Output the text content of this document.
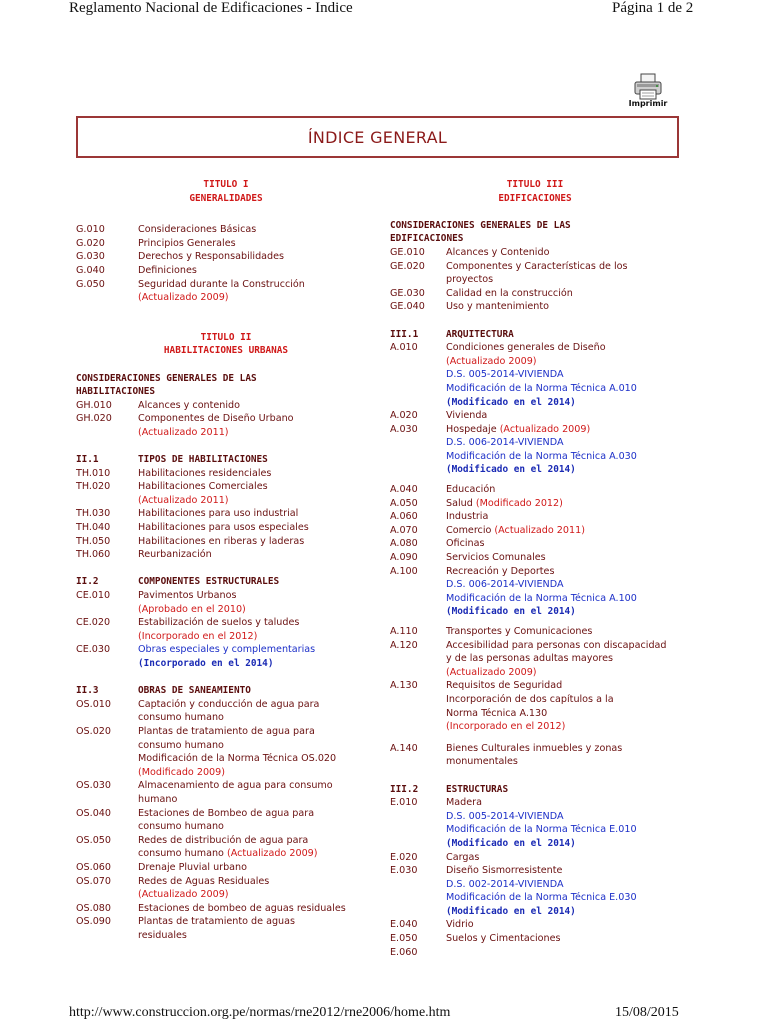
Reglamento Nacional de Edificaciones - Indice	Página 1 de 2
Imprimir
ÍNDICE GENERAL
TITULO I
GENERALIDADES
G.010	Consideraciones Básicas
G.020	Principios Generales
G.030	Derechos y Responsabilidades
G.040	Definiciones
G.050	Seguridad durante la Construcción
(Actualizado 2009)
TITULO II
HABILITACIONES URBANAS
CONSIDERACIONES GENERALES DE LAS
HABILITACIONES
GH.010	Alcances y contenido
GH.020	Componentes de Diseño Urbano
(Actualizado 2011)
II.1	TIPOS DE HABILITACIONES
TH.010	Habilitaciones residenciales
TH.020	Habilitaciones Comerciales
(Actualizado 2011)
TH.030	Habilitaciones para uso industrial
TH.040	Habilitaciones para usos especiales
TH.050	Habilitaciones en riberas y laderas
TH.060	Reurbanización
II.2	COMPONENTES ESTRUCTURALES
CE.010	Pavimentos Urbanos
(Aprobado en el 2010)
CE.020	Estabilización de suelos y taludes
(Incorporado en el 2012)
CE.030	Obras especiales y complementarias
(Incorporado en el 2014)
II.3	OBRAS DE SANEAMIENTO
OS.010	Captación y conducción de agua para
consumo humano
OS.020	Plantas de tratamiento de agua para
consumo humano
Modificación de la Norma Técnica OS.020
(Modificado 2009)
OS.030	Almacenamiento de agua para consumo
humano
OS.040	Estaciones de Bombeo de agua para
consumo humano
OS.050	Redes de distribución de agua para
consumo humano (Actualizado 2009)
OS.060	Drenaje Pluvial urbano
OS.070	Redes de Aguas Residuales
(Actualizado 2009)
OS.080	Estaciones de bombeo de aguas residuales
OS.090	Plantas de tratamiento de aguas
residuales
TITULO III
EDIFICACIONES
CONSIDERACIONES GENERALES DE LAS
EDIFICACIONES
GE.010	Alcances y Contenido
GE.020	Componentes y Características de los
proyectos
GE.030	Calidad en la construcción
GE.040	Uso y mantenimiento
III.1	ARQUITECTURA
A.010	Condiciones generales de Diseño
(Actualizado 2009)
D.S. 005-2014-VIVIENDA
Modificación de la Norma Técnica A.010
(Modificado en el 2014)
A.020	Vivienda
A.030	Hospedaje (Actualizado 2009)
D.S. 006-2014-VIVIENDA
Modificación de la Norma Técnica A.030
(Modificado en el 2014)
A.040	Educación
A.050	Salud (Modificado 2012)
A.060	Industria
A.070	Comercio (Actualizado 2011)
A.080	Oficinas
A.090	Servicios Comunales
A.100	Recreación y Deportes
D.S. 006-2014-VIVIENDA
Modificación de la Norma Técnica A.100
(Modificado en el 2014)
A.110	Transportes y Comunicaciones
A.120	Accesibilidad para personas con discapacidad
y de las personas adultas mayores
(Actualizado 2009)
A.130	Requisitos de Seguridad
Incorporación de dos capítulos a la
Norma Técnica A.130
(Incorporado en el 2012)
A.140	Bienes Culturales inmuebles y zonas
monumentales
III.2	ESTRUCTURAS
E.010	Madera
D.S. 005-2014-VIVIENDA
Modificación de la Norma Técnica E.010
(Modificado en el 2014)
E.020	Cargas
E.030	Diseño Sismorresistente
D.S. 002-2014-VIVIENDA
Modificación de la Norma Técnica E.030
(Modificado en el 2014)
E.040	Vidrio
E.050	Suelos y Cimentaciones
E.060
http://www.construccion.org.pe/normas/rne2012/rne2006/home.htm	15/08/2015
